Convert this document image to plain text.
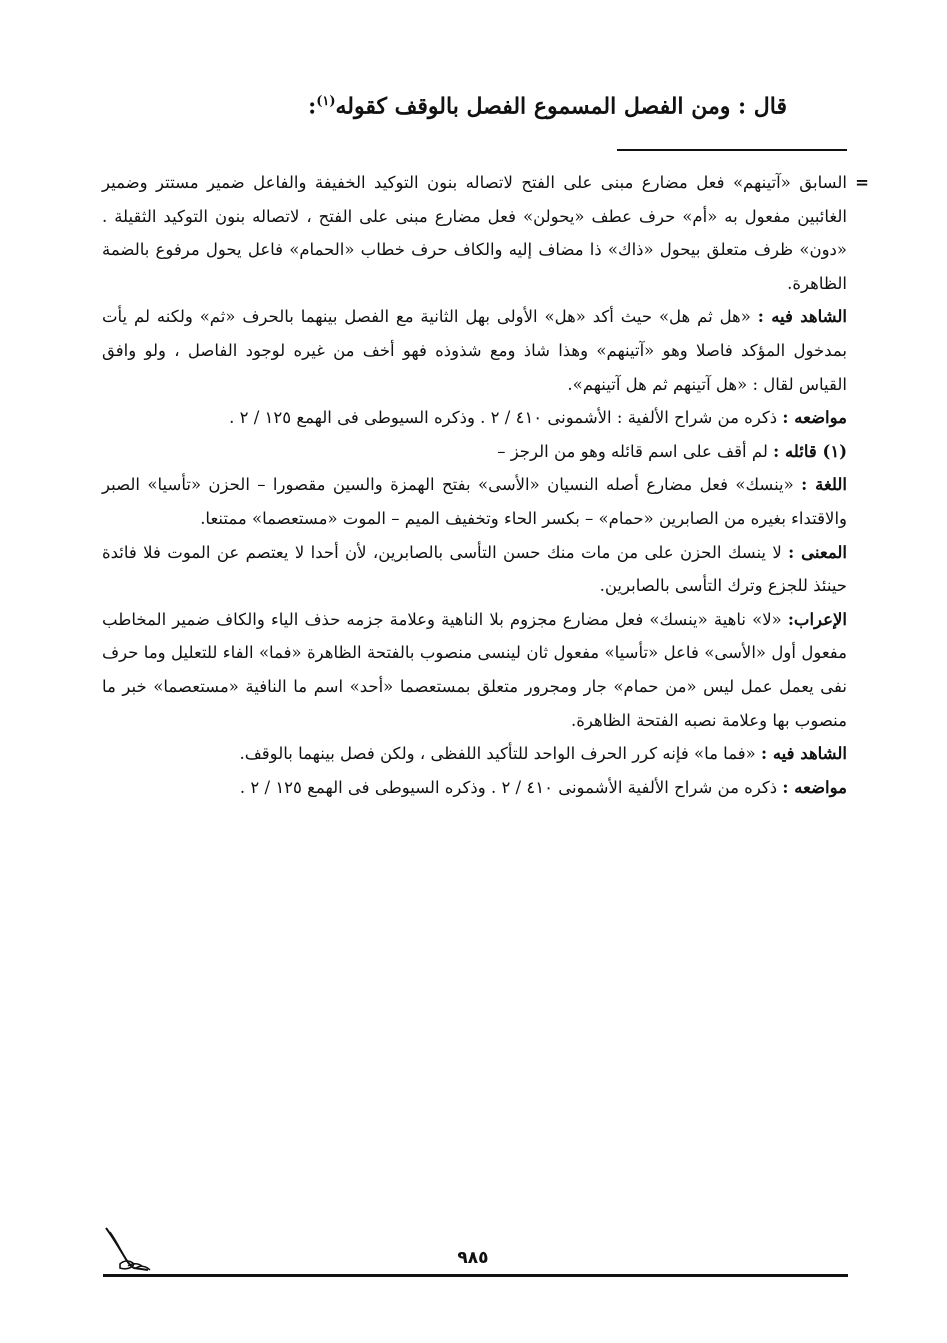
قال : ومن الفصل المسموع الفصل بالوقف كقوله$^{(١)}$:
=

السابق «آتينهم» فعل مضارع مبنى على الفتح لاتصاله بنون التوكيد الخفيفة والفاعل ضمير مستتر وضمير الغائبين مفعول به «أم» حرف عطف «يحولن» فعل مضارع مبنى على الفتح ، لاتصاله بنون التوكيد الثقيلة . «دون» ظرف متعلق بيحول «ذاك» ذا مضاف إليه والكاف حرف خطاب «الحمام» فاعل يحول مرفوع بالضمة الظاهرة.

الشاهد فيه : «هل ثم هل» حيث أكد «هل» الأولى بهل الثانية مع الفصل بينهما بالحرف «ثم» ولكنه لم يأت بمدخول المؤكد فاصلا وهو «آتينهم» وهذا شاذ ومع شذوذه فهو أخف من غيره لوجود الفاصل ، ولو وافق القياس لقال : «هل آتينهم ثم هل آتينهم».

مواضعه : ذكره من شراح الألفية : الأشمونى ٤١٠ / ٢ . وذكره السيوطى فى الهمع ١٢٥ / ٢ .

(١) قائله : لم أقف على اسم قائله وهو من الرجز –

اللغة : «ينسك» فعل مضارع أصله النسيان «الأسى» بفتح الهمزة والسين مقصورا – الحزن «تأسيا» الصبر والاقتداء بغيره من الصابرين «حمام» – بكسر الحاء وتخفيف الميم – الموت «مستعصما» ممتنعا.

المعنى : لا ينسك الحزن على من مات منك حسن التأسى بالصابرين، لأن أحدا لا يعتصم عن الموت فلا فائدة حينئذ للجزع وترك التأسى بالصابرين.

الإعراب: «لا» ناهية «ينسك» فعل مضارع مجزوم بلا الناهية وعلامة جزمه حذف الياء والكاف ضمير المخاطب مفعول أول «الأسى» فاعل «تأسيا» مفعول ثان لينسى منصوب بالفتحة الظاهرة «فما» الفاء للتعليل وما حرف نفى يعمل عمل ليس «من حمام» جار ومجرور متعلق بمستعصما «أحد» اسم ما النافية «مستعصما» خبر ما منصوب بها وعلامة نصبه الفتحة الظاهرة.

الشاهد فيه : «فما ما» فإنه كرر الحرف الواحد للتأكيد اللفظى ، ولكن فصل بينهما بالوقف.

مواضعه : ذكره من شراح الألفية الأشمونى ٤١٠ / ٢ . وذكره السيوطى فى الهمع ١٢٥ / ٢ .

٩٨٥
